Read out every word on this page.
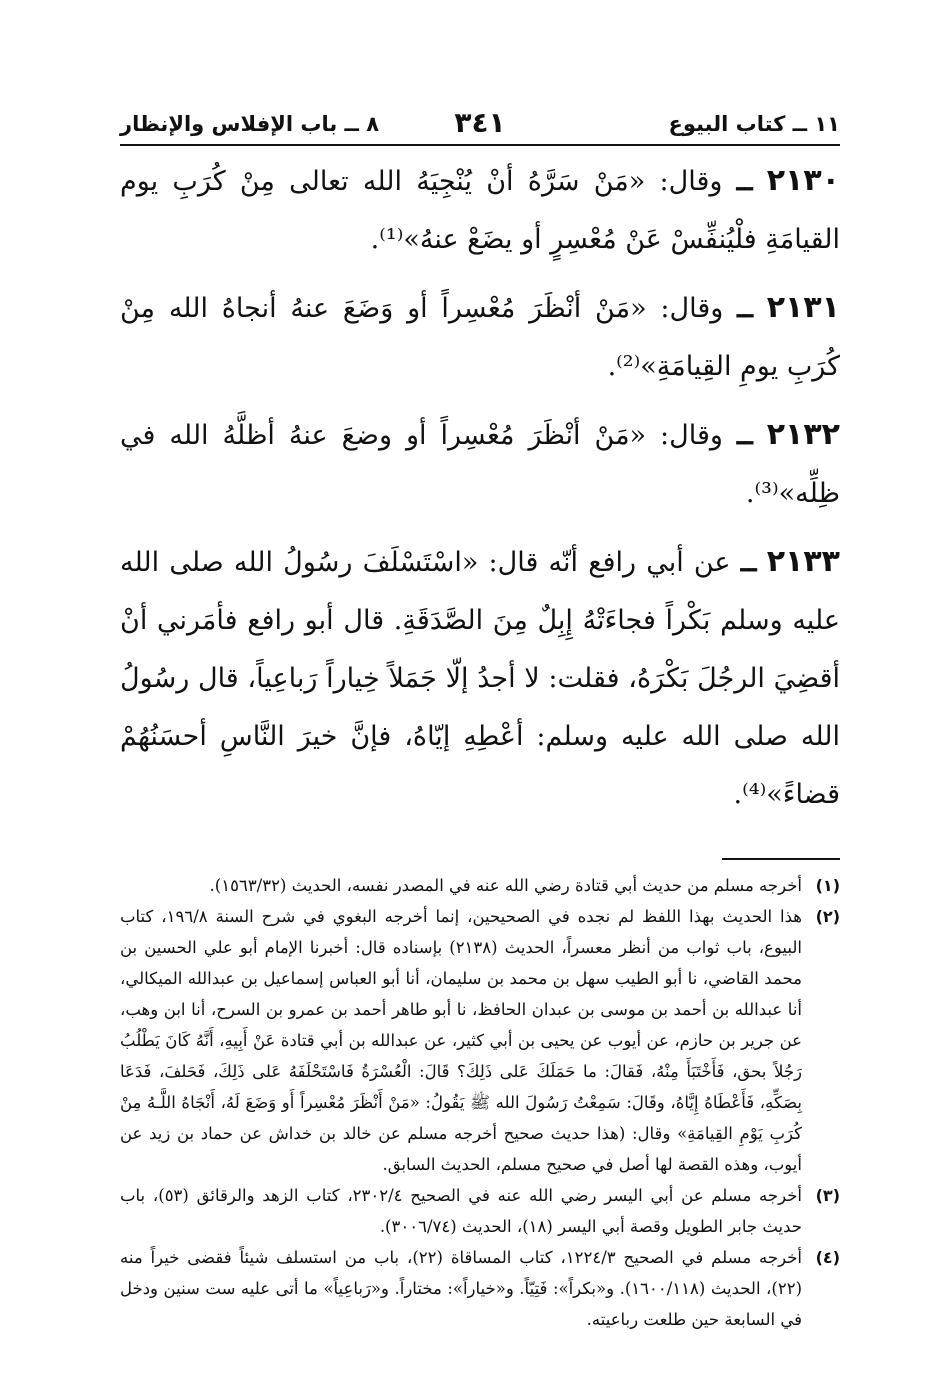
١١ ــ كتاب البيوع
٣٤١
٨ ــ باب الإفلاس والإنظار

٢١٣٠ ــ وقال: «مَنْ سَرَّهُ أنْ يُنْجِيَهُ الله تعالى مِنْ كُرَبِ يوم القيامَةِ فلْيُنفِّسْ عَنْ مُعْسِرٍ أو يضَعْ عنهُ»⁽¹⁾.

٢١٣١ ــ وقال: «مَنْ أنْظَرَ مُعْسِراً أو وَضَعَ عنهُ أنجاهُ الله مِنْ كُرَبِ يومِ القِيامَةِ»⁽²⁾.

٢١٣٢ ــ وقال: «مَنْ أنْظَرَ مُعْسِراً أو وضعَ عنهُ أظلَّهُ الله في ظِلِّه»⁽³⁾.

٢١٣٣ ــ عن أبي رافع أنّه قال: «اسْتَسْلَفَ رسُولُ الله صلى الله عليه وسلم بَكْراً فجاءَتْهُ إِبِلٌ مِنَ الصَّدَقَةِ. قال أبو رافع فأمَرني أنْ أقضِيَ الرجُلَ بَكْرَهُ، فقلت: لا أجدُ إلّا جَمَلاً خِياراً رَباعِياً، قال رسُولُ الله صلى الله عليه وسلم: أعْطِهِ إيّاهُ، فإنَّ خيرَ النَّاسِ أحسَنُهُمْ قضاءً»⁽⁴⁾.

(١)

أخرجه مسلم من حديث أبي قتادة رضي الله عنه في المصدر نفسه، الحديث (١٥٦٣/٣٢).

(٢)

هذا الحديث بهذا اللفظ لم نجده في الصحيحين، إنما أخرجه البغوي في شرح السنة ١٩٦/٨، كتاب البيوع، باب ثواب من أنظر معسراً، الحديث (٢١٣٨) بإسناده قال: أخبرنا الإمام أبو علي الحسين بن محمد القاضي، نا أبو الطيب سهل بن محمد بن سليمان، أنا أبو العباس إسماعيل بن عبدالله الميكالي، أنا عبدالله بن أحمد بن موسى بن عبدان الحافظ، نا أبو طاهر أحمد بن عمرو بن السرح، أنا ابن وهب، عن جرير بن حازم، عن أيوب عن يحيى بن أبي كثير، عن عبدالله بن أبي قتادة عَنْ أَبِيهِ، أَنَّهُ كَانَ يَطْلُبُ رَجُلاً بحق، فَأَخْتَبَأَ مِنْهُ، فَقالَ: ما حَمَلَكَ عَلى ذَلِكَ؟ قَالَ: الْعُسْرَةُ فَاسْتَحْلَفَهُ عَلى ذَلِكَ، فَحَلفَ، فَدَعَا بِصَكِّهِ، فَأَعْطَاهُ إِيَّاهُ، وقَالَ: سَمِعْتُ رَسُولَ الله ﷺ يَقُولُ: «مَنْ أَنْظَرَ مُعْسِراً أَو وَضَعَ لَهُ، أَنْجَاهُ اللَّـهُ مِنْ كُرَبِ يَوْمِ القِيامَةِ» وقال: (هذا حديث صحيح أخرجه مسلم عن خالد بن خداش عن حماد بن زيد عن أيوب، وهذه القصة لها أصل في صحيح مسلم، الحديث السابق.

(٣)

أخرجه مسلم عن أبي اليسر رضي الله عنه في الصحيح ٢٣٠٢/٤، كتاب الزهد والرقائق (٥٣)، باب حديث جابر الطويل وقصة أبي اليسر (١٨)، الحديث (٣٠٠٦/٧٤).

(٤)

أخرجه مسلم في الصحيح ١٢٢٤/٣، كتاب المساقاة (٢٢)، باب من استسلف شيئاً فقضى خيراً منه (٢٢)، الحديث (١٦٠٠/١١٨). و«بكراً»: فَتِيّاً. و«خياراً»: مختاراً. و«رَباعِياً» ما أتى عليه ست سنين ودخل في السابعة حين طلعت رباعيته.
